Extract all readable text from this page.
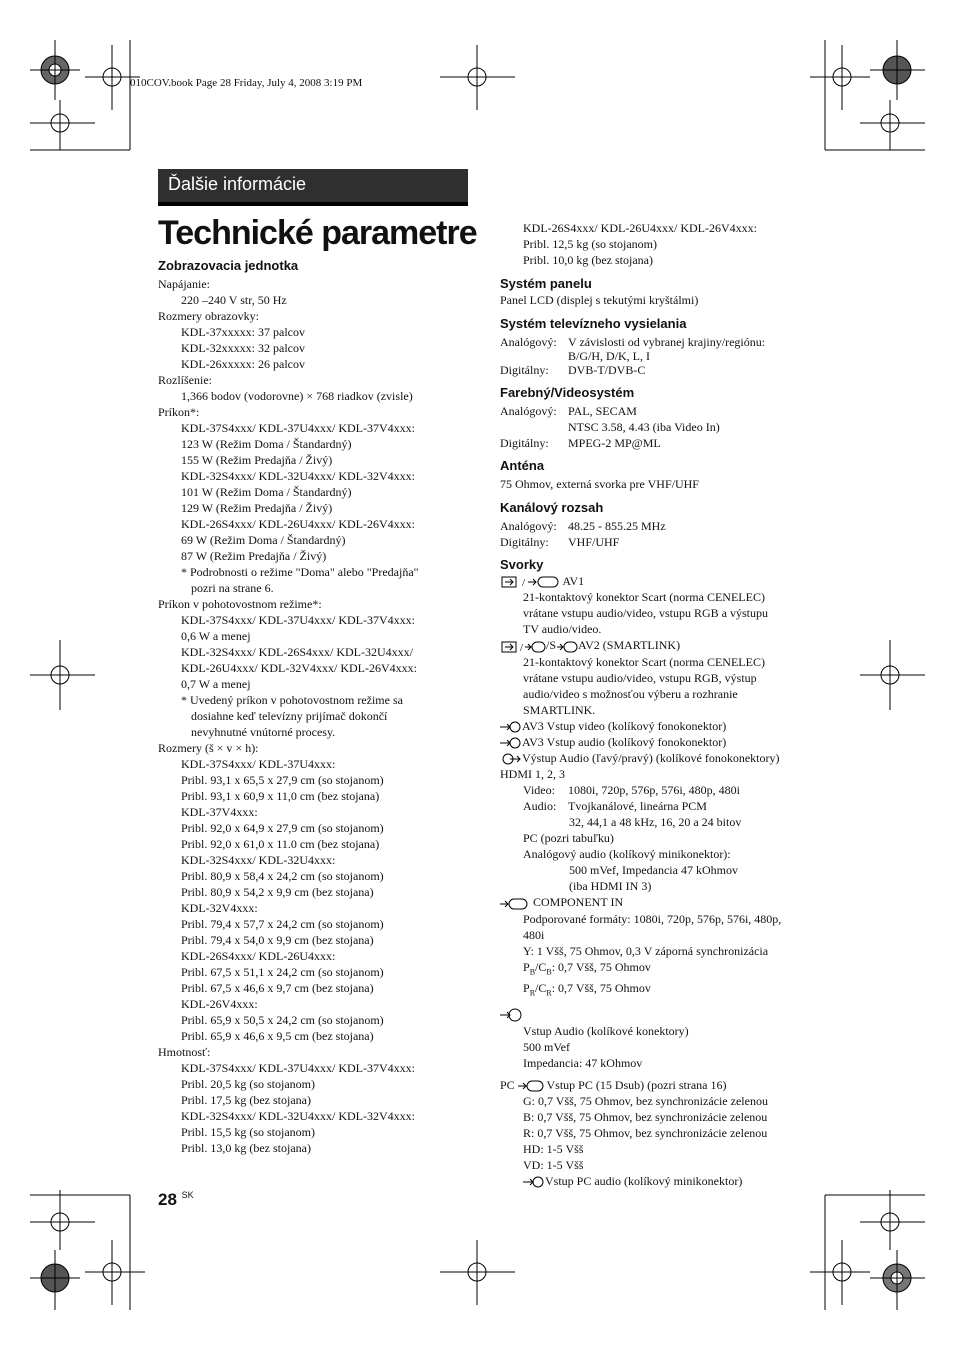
010COV.book Page 28 Friday, July 4, 2008 3:19 PM
Ďalšie informácie
Technické parametre
Zobrazovacia jednotka
Napájanie:
220 –240 V str, 50 Hz
Rozmery obrazovky:
KDL-37xxxxx: 37 palcov
KDL-32xxxxx: 32 palcov
KDL-26xxxxx: 26 palcov
Rozlíšenie:
1,366 bodov (vodorovne) × 768 riadkov (zvisle)
Príkon*:
KDL-37S4xxx/ KDL-37U4xxx/ KDL-37V4xxx:
123 W (Režim Doma / Štandardný)
155 W (Režim Predajňa / Živý)
KDL-32S4xxx/ KDL-32U4xxx/ KDL-32V4xxx:
101 W (Režim Doma / Štandardný)
129 W (Režim Predajňa / Živý)
KDL-26S4xxx/ KDL-26U4xxx/ KDL-26V4xxx:
69 W (Režim Doma / Štandardný)
87 W (Režim Predajňa / Živý)
* Podrobnosti o režime "Doma" alebo "Predajňa"
pozri na strane 6.
Príkon v pohotovostnom režime*:
KDL-37S4xxx/ KDL-37U4xxx/ KDL-37V4xxx:
0,6 W a menej
KDL-32S4xxx/ KDL-26S4xxx/ KDL-32U4xxx/
KDL-26U4xxx/ KDL-32V4xxx/ KDL-26V4xxx:
0,7 W a menej
* Uvedený príkon v pohotovostnom režime sa
dosiahne keď televízny prijímač dokončí
nevyhnutné vnútorné procesy.
Rozmery (š × v × h):
KDL-37S4xxx/ KDL-37U4xxx:
Pribl. 93,1 x 65,5 x 27,9 cm (so stojanom)
Pribl. 93,1 x 60,9 x 11,0 cm (bez stojana)
KDL-37V4xxx:
Pribl. 92,0 x 64,9 x 27,9 cm (so stojanom)
Pribl. 92,0 x 61,0 x 11.0 cm (bez stojana)
KDL-32S4xxx/ KDL-32U4xxx:
Pribl. 80,9 x 58,4 x 24,2 cm (so stojanom)
Pribl. 80,9 x 54,2 x 9,9 cm (bez stojana)
KDL-32V4xxx:
Pribl. 79,4 x 57,7 x 24,2 cm (so stojanom)
Pribl. 79,4 x 54,0 x 9,9 cm (bez stojana)
KDL-26S4xxx/ KDL-26U4xxx:
Pribl. 67,5 x 51,1 x 24,2 cm (so stojanom)
Pribl. 67,5 x 46,6 x 9,7 cm (bez stojana)
KDL-26V4xxx:
Pribl. 65,9 x 50,5 x 24,2 cm (so stojanom)
Pribl. 65,9 x 46,6 x 9,5 cm (bez stojana)
Hmotnosť:
KDL-37S4xxx/ KDL-37U4xxx/ KDL-37V4xxx:
Pribl. 20,5 kg (so stojanom)
Pribl. 17,5 kg (bez stojana)
KDL-32S4xxx/ KDL-32U4xxx/ KDL-32V4xxx:
Pribl. 15,5 kg (so stojanom)
Pribl. 13,0 kg (bez stojana)
KDL-26S4xxx/ KDL-26U4xxx/ KDL-26V4xxx:
Pribl. 12,5 kg (so stojanom)
Pribl. 10,0 kg (bez stojana)
Systém panelu
Panel LCD (displej s tekutými kryštálmi)
Systém televízneho vysielania
Analógový: V závislosti od vybranej krajiny/regiónu:
B/G/H, D/K, L, I
Digitálny:	DVB-T/DVB-C
Farebný/Videosystém
Analógový: PAL, SECAM
NTSC 3.58, 4.43 (iba Video In)
Digitálny:	MPEG-2 MP@ML
Anténa
75 Ohmov, externá svorka pre VHF/UHF
Kanálový rozsah
Analógový: 48.25 - 855.25 MHz
Digitálny:	VHF/UHF
Svorky
/	AV1
21-kontaktový konektor Scart (norma CENELEC)
vrátane vstupu audio/video, vstupu RGB a výstupu
TV audio/video.
/ /S AV2 (SMARTLINK)
21-kontaktový konektor Scart (norma CENELEC)
vrátane vstupu audio/video, vstupu RGB, výstup
audio/video s možnosťou výberu a rozhranie
SMARTLINK.
AV3 Vstup video (kolíkový fonokonektor)
AV3 Vstup audio (kolíkový fonokonektor)
Výstup Audio (ľavý/pravý) (kolíkové fonokonektory)
HDMI 1, 2, 3
Video:	1080i, 720p, 576p, 576i, 480p, 480i
Audio: Tvojkanálové, lineárna PCM
32, 44,1 a 48 kHz, 16, 20 a 24 bitov
PC (pozri tabuľku)
Analógový audio (kolíkový minikonektor):
500 mVef, Impedancia 47 kOhmov
(iba HDMI IN 3)
COMPONENT IN
Podporované formáty: 1080i, 720p, 576p, 576i, 480p,
480i
Y: 1 Všš, 75 Ohmov, 0,3 V záporná synchronizácia
$P_B/C_B$: 0,7 Všš, 75 Ohmov
$P_R/C_R$: 0,7 Všš, 75 Ohmov
Vstup Audio (kolíkové konektory)
500 mVef
Impedancia: 47 kOhmov
PC	Vstup PC (15 Dsub) (pozri strana 16)
G: 0,7 Všš, 75 Ohmov, bez synchronizácie zelenou
B: 0,7 Všš, 75 Ohmov, bez synchronizácie zelenou
R: 0,7 Všš, 75 Ohmov, bez synchronizácie zelenou
HD: 1-5 Všš
VD: 1-5 Všš
Vstup PC audio (kolíkový minikonektor)
28 $^{SK}$
